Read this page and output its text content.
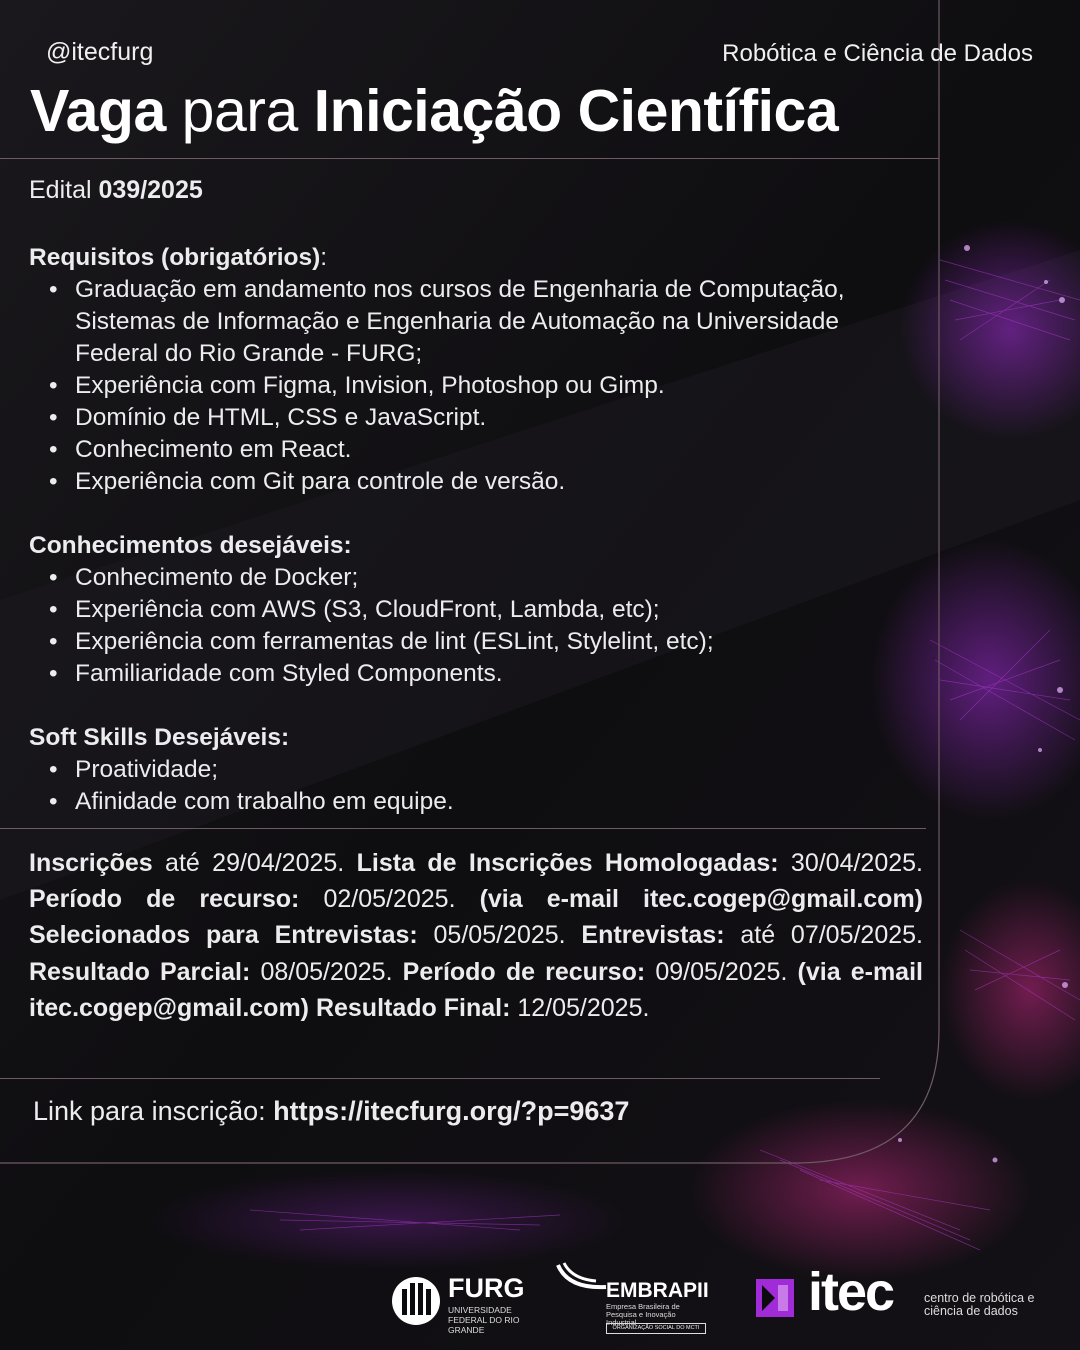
@itecfurg	Robótica e Ciência de Dados
Vaga para Iniciação Científica
Edital 039/2025
Requisitos (obrigatórios):
• Graduação em andamento nos cursos de Engenharia de Computação, Sistemas de Informação e Engenharia de Automação na Universidade Federal do Rio Grande - FURG;
• Experiência com Figma, Invision, Photoshop ou Gimp.
• Domínio de HTML, CSS e JavaScript.
• Conhecimento em React.
• Experiência com Git para controle de versão.
Conhecimentos desejáveis:
• Conhecimento de Docker;
• Experiência com AWS (S3, CloudFront, Lambda, etc);
• Experiência com ferramentas de lint (ESLint, Stylelint, etc);
• Familiaridade com Styled Components.
Soft Skills Desejáveis:
• Proatividade;
• Afinidade com trabalho em equipe.
Inscrições até 29/04/2025. Lista de Inscrições Homologadas: 30/04/2025. Período de recurso: 02/05/2025. (via e-mail itec.cogep@gmail.com) Selecionados para Entrevistas: 05/05/2025. Entrevistas: até 07/05/2025. Resultado Parcial: 08/05/2025. Período de recurso: 09/05/2025. (via e-mail itec.cogep@gmail.com) Resultado Final: 12/05/2025.
Link para inscrição: https://itecfurg.org/?p=9637
FURG
UNIVERSIDADE FEDERAL DO RIO GRANDE
EMBRAPII
Empresa Brasileira de Pesquisa e Inovação Industrial
ORGANIZAÇÃO SOCIAL DO MCTI
itec centro de robótica e ciência de dados
